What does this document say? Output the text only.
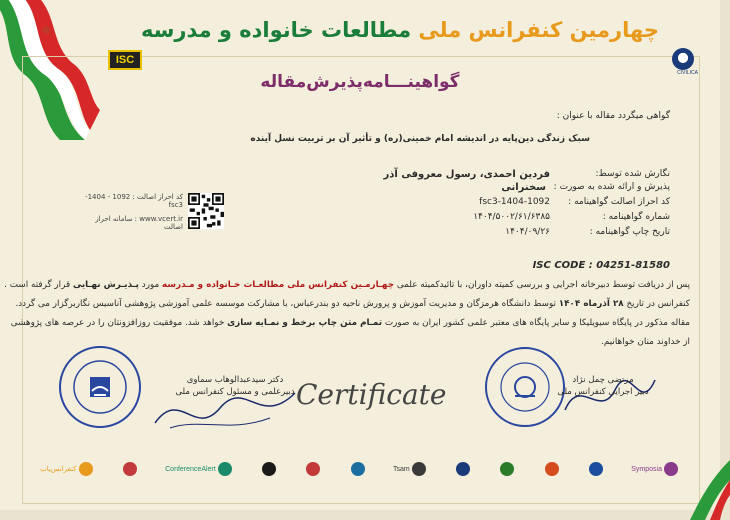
چهارمین کنفرانس ملی مطالعات خانواده و مدرسه
ISC
CIVILICA
گواهینـــامه‌پذیرش‌مقاله
گواهی میگردد مقاله با عنوان :
سبک زندگی دین‌پایه در اندیشه امام خمینی(ره) و تأثیر آن بر تربیت نسل آینده
نگارش شده توسط:
فردین احمدی، رسول معروفی آذر
پذیرش و ارائه شده به صورت :
سخنرانی
کد احراز اصالت گواهینامه :
fsc3-1404-1092
شماره گواهینامه :
۱۴۰۴/۵۰۰۲/۶۱/۶۳۸۵
تاریخ چاپ گواهینامه :
۱۴۰۴/۰۹/۲۶
کد احراز اصالت : 1092 - 1404-fsc3
www.vcert.ir : سامانه احراز اصالت
ISC CODE : 04251-81580
پس از دریافت توسط دبیرخانه اجرایی و بررسی کمیته داوران، با تائیدکمیته علمی چهـارمـین کنفرانس ملی مطالعـات خـانواده و مـدرسه مورد پـذیـرش نهـایی قرار گرفته است .
کنفرانس در تاریخ ۲۸ آذرماه ۱۴۰۴ توسط دانشگاه هرمزگان و مدیریت آموزش و پرورش ناحیه دو بندرعباس، با مشارکت موسسه علمی آموزشی پژوهشی آناسیس نگاربرگزار می گردد.
مقاله مذکور در پایگاه سیویلیکا و سایر پایگاه های معتبر علمی کشور ایران به صورت تمـام متن چاپ برخط و نمـایه سازی خواهد شد. موفقیت روزافزونتان را در عرصه های پژوهشی
از خداوند منان خواهانیم.
Certificate	مرتضی چمل نژاد
دبیر اجرایی کنفرانس ملی
دکتر سیدعبدالوهاب سماوی
دبیرعلمی و مسئول کنفرانس ملی
Symposia
Tsam
ConferenceAlert
کنفرانس‌یاب
